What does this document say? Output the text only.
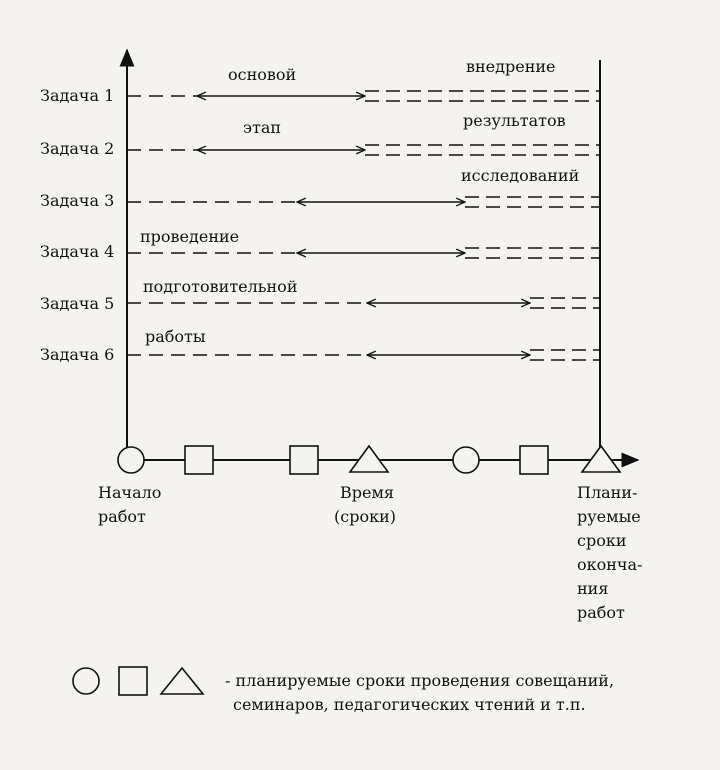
Задача 1
Задача 2
Задача 3
Задача 4
Задача 5
Задача 6
проведение
подготовительной
работы
основой
этап
внедрение
результатов
исследований
Начало
работ
Время
(сроки)
Плани-
руемые
сроки
оконча-
ния
работ
- планируемые сроки проведения совещаний,
семинаров, педагогических чтений и т.п.
